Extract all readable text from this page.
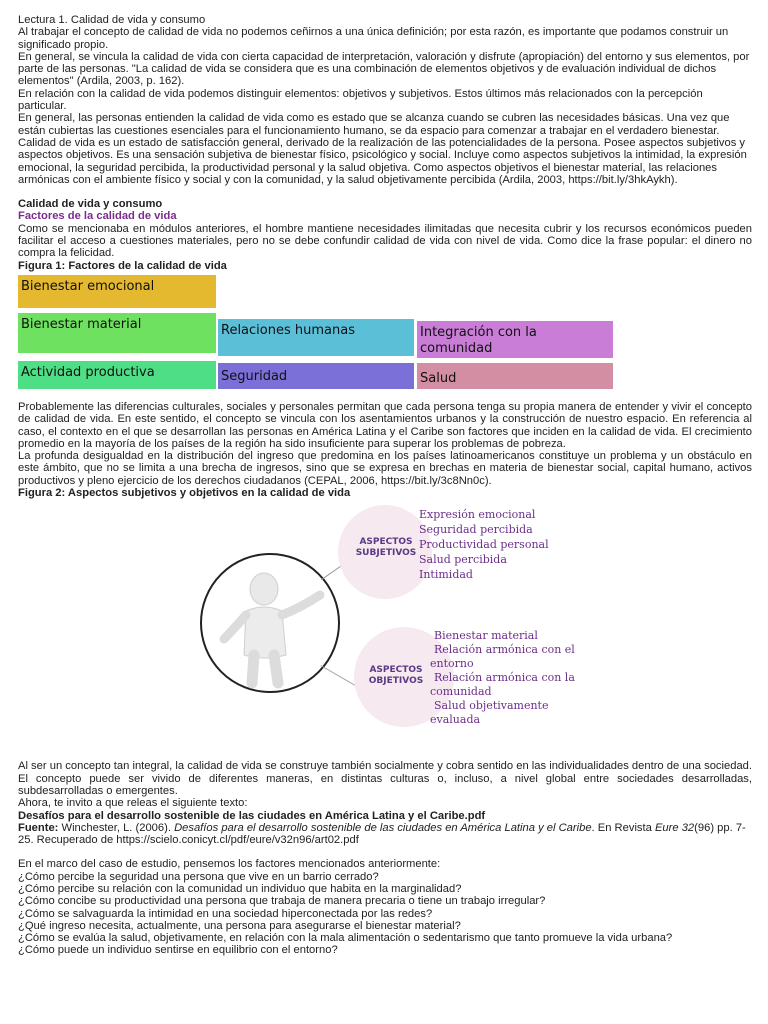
Lectura 1. Calidad de vida y consumo

Al trabajar el concepto de calidad de vida no podemos ceñirnos a una única definición; por esta razón, es importante que podamos construir un significado propio.

En general, se vincula la calidad de vida con cierta capacidad de interpretación, valoración y disfrute (apropiación) del entorno y sus elementos, por parte de las personas. "La calidad de vida se considera que es una combinación de elementos objetivos y de evaluación individual de dichos elementos" (Ardila, 2003, p. 162).

En relación con la calidad de vida podemos distinguir elementos: objetivos y subjetivos. Estos últimos más relacionados con la percepción particular.

En general, las personas entienden la calidad de vida como es estado que se alcanza cuando se cubren las necesidades básicas. Una vez que están cubiertas las cuestiones esenciales para el funcionamiento humano, se da espacio para comenzar a trabajar en el verdadero bienestar.

Calidad de vida es un estado de satisfacción general, derivado de la realización de las potencialidades de la persona. Posee aspectos subjetivos y aspectos objetivos. Es una sensación subjetiva de bienestar físico, psicológico y social. Incluye como aspectos subjetivos la intimidad, la expresión emocional, la seguridad percibida, la productividad personal y la salud objetiva. Como aspectos objetivos el bienestar material, las relaciones armónicas con el ambiente físico y social y con la comunidad, y la salud objetivamente percibida (Ardila, 2003, https://bit.ly/3hkAykh).

Calidad de vida y consumo

Factores de la calidad de vida

Como se mencionaba en módulos anteriores, el hombre mantiene necesidades ilimitadas que necesita cubrir y los recursos económicos pueden facilitar el acceso a cuestiones materiales, pero no se debe confundir calidad de vida con nivel de vida. Como dice la frase popular: el dinero no compra la felicidad.

Figura 1: Factores de la calidad de vida

Bienestar emocional
Bienestar material	Relaciones humanas	Integración con la comunidad
Actividad productiva	Seguridad	Salud

Probablemente las diferencias culturales, sociales y personales permitan que cada persona tenga su propia manera de entender y vivir el concepto de calidad de vida. En este sentido, el concepto se vincula con los asentamientos urbanos y la construcción de nuestro espacio. En referencia al caso, el contexto en el que se desarrollan las personas en América Latina y el Caribe son factores que inciden en la calidad de vida. El crecimiento promedio en la mayoría de los países de la región ha sido insuficiente para superar los problemas de pobreza.

La profunda desigualdad en la distribución del ingreso que predomina en los países latinoamericanos constituye un problema y un obstáculo en este ámbito, que no se limita a una brecha de ingresos, sino que se expresa en brechas en materia de bienestar social, capital humano, activos productivos y pleno ejercicio de los derechos ciudadanos (CEPAL, 2006, https://bit.ly/3c8Nn0c).

Figura 2: Aspectos subjetivos y objetivos en la calidad de vida

ASPECTOS
SUBJETIVOS
Expresión emocional
Seguridad percibida
Productividad personal
Salud percibida
Intimidad
ASPECTOS
OBJETIVOS
Bienestar material
Relación armónica con el
entorno
Relación armónica con la
comunidad
Salud objetivamente
evaluada

Al ser un concepto tan integral, la calidad de vida se construye también socialmente y cobra sentido en las individualidades dentro de una sociedad. El concepto puede ser vivido de diferentes maneras, en distintas culturas o, incluso, a nivel global entre sociedades desarrolladas, subdesarrolladas o emergentes.

Ahora, te invito a que releas el siguiente texto:

Desafíos para el desarrollo sostenible de las ciudades en América Latina y el Caribe.pdf

Fuente: Winchester, L. (2006). Desafíos para el desarrollo sostenible de las ciudades en América Latina y el Caribe. En Revista Eure 32(96) pp. 7-25. Recuperado de https://scielo.conicyt.cl/pdf/eure/v32n96/art02.pdf

En el marco del caso de estudio, pensemos los factores mencionados anteriormente:

¿Cómo percibe la seguridad una persona que vive en un barrio cerrado?

¿Cómo percibe su relación con la comunidad un individuo que habita en la marginalidad?

¿Cómo concibe su productividad una persona que trabaja de manera precaria o tiene un trabajo irregular?

¿Cómo se salvaguarda la intimidad en una sociedad hiperconectada por las redes?

¿Qué ingreso necesita, actualmente, una persona para asegurarse el bienestar material?

¿Cómo se evalúa la salud, objetivamente, en relación con la mala alimentación o sedentarismo que tanto promueve la vida urbana?

¿Cómo puede un individuo sentirse en equilibrio con el entorno?
